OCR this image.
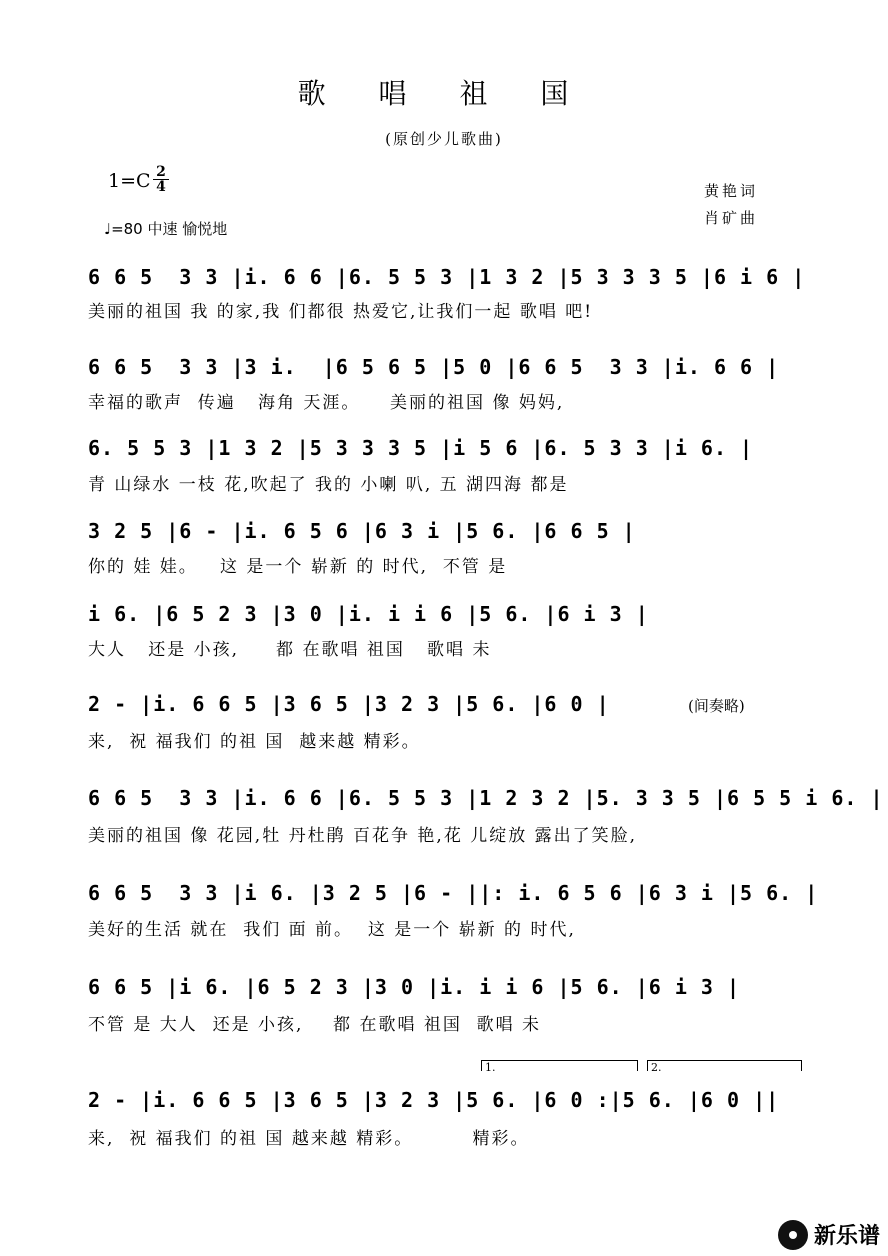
歌 唱 祖 国
(原创少儿歌曲)
1=C 2
4
♩=80 中速 愉悦地
黄艳词
肖矿曲
6 6 5  3 3 |i. 6 6 |6. 5 5 3 |1 3 2 |5 3 3 3 5 |6 i 6 |
美丽的祖国 我 的家,我 们都很 热爱它,让我们一起 歌唱 吧!
6 6 5  3 3 |3 i.  |6 5 6 5 |5 0 |6 6 5  3 3 |i. 6 6 |
幸福的歌声  传遍   海角 天涯。    美丽的祖国 像 妈妈,
6. 5 5 3 |1 3 2 |5 3 3 3 5 |i 5 6 |6. 5 3 3 |i 6. |
青 山绿水 一枝 花,吹起了 我的 小喇 叭, 五 湖四海 都是
3 2 5 |6 - |i. 6 5 6 |6 3 i |5 6. |6 6 5 |
你的 娃 娃。   这 是一个 崭新 的 时代,  不管 是
i 6. |6 5 2 3 |3 0 |i. i i 6 |5 6. |6 i 3 |
大人   还是 小孩,     都 在歌唱 祖国   歌唱 未
2 - |i. 6 6 5 |3 6 5 |3 2 3 |5 6. |6 0 |
来,  祝 福我们 的祖 国  越来越 精彩。
(间奏略)
6 6 5  3 3 |i. 6 6 |6. 5 5 3 |1 2 3 2 |5. 3 3 5 |6 5 5 i 6. |
美丽的祖国 像 花园,牡 丹杜鹃 百花争 艳,花 儿绽放 露出了笑脸,
6 6 5  3 3 |i 6. |3 2 5 |6 - ||: i. 6 5 6 |6 3 i |5 6. |
美好的生活 就在  我们 面 前。  这 是一个 崭新 的 时代,
6 6 5 |i 6. |6 5 2 3 |3 0 |i. i i 6 |5 6. |6 i 3 |
不管 是 大人  还是 小孩,    都 在歌唱 祖国  歌唱 未
1.	2.
2 - |i. 6 6 5 |3 6 5 |3 2 3 |5 6. |6 0 :|5 6. |6 0 ||
来,  祝 福我们 的祖 国 越来越 精彩。        精彩。
新乐谱
